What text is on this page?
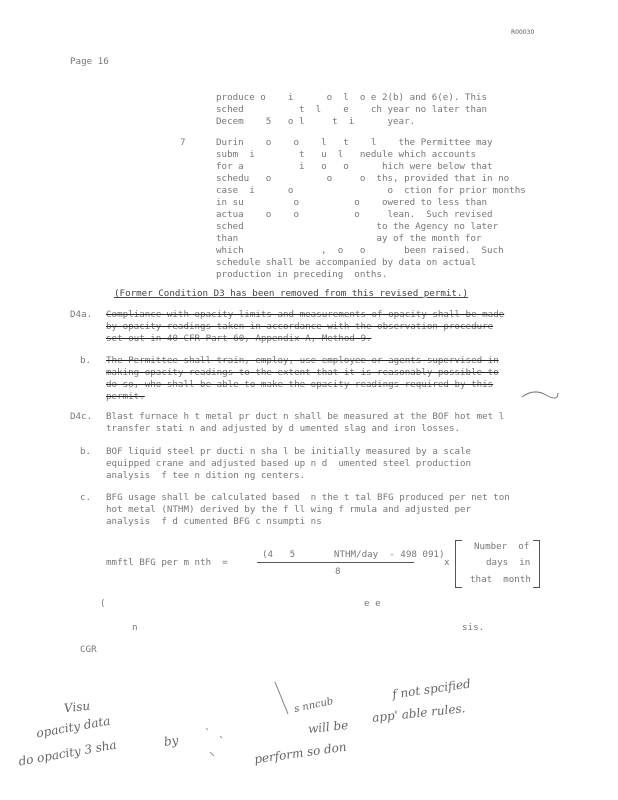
R00030
Page 16
produce o    i      o  l  o e 2(b) and 6(e). This
sched          t  l    e    ch year no later than
Decem    5   o l     t  i      year.
7	Durin    o    o    l   t    l    the Permittee may
subm  i        t   u  l   nedule which accounts
for a          i   o   o      hich were below that
schedu   o          o     o  ths, provided that in no
case  i      o                 o  ction for prior months
in su         o          o    owered to less than
actua    o    o          o     lean.  Such revised
sched                        to the Agency no later
than                         ay of the month for
which              ,  o   o       been raised.  Such
schedule shall be accompanied by data on actual
production in preceding  onths.
(Former Condition D3 has been removed from this revised permit.)
D4a. Compliance with opacity limits and measurements of opacity shall be made
by opacity readings taken in accordance with the observation procedure
set out in 40 CFR Part 60, Appendix A, Method 9.
b. The Permittee shall train, employ, use employee or agents supervised in
making opacity readings to the extent that it is reasonably possible to
do so, who shall be able to make the opacity readings required by this
permit.
D4c. Blast furnace h t metal pr duct n shall be measured at the BOF hot met l
transfer stati n and adjusted by d umented slag and iron losses.
b. BOF liquid steel pr ducti n sha l be initially measured by a scale
equipped crane and adjusted based up n d  umented steel production
analysis  f tee n dition ng centers.
c. BFG usage shall be calculated based  n the t tal BFG produced per net ton
hot metal (NTHM) derived by the f ll wing f rmula and adjusted per
analysis  f d cumented BFG c nsumpti ns
mmftl BFG per m nth  =
(4   5       NTHM/day  - 498 091)
8
x
Number  of
days  in
that  month
(	e e
n	sis.
CGR
Visu
opacity data
do opacity 3 sha	by
s nncub
will be
perform so don
f not spcified
app' able rules.
